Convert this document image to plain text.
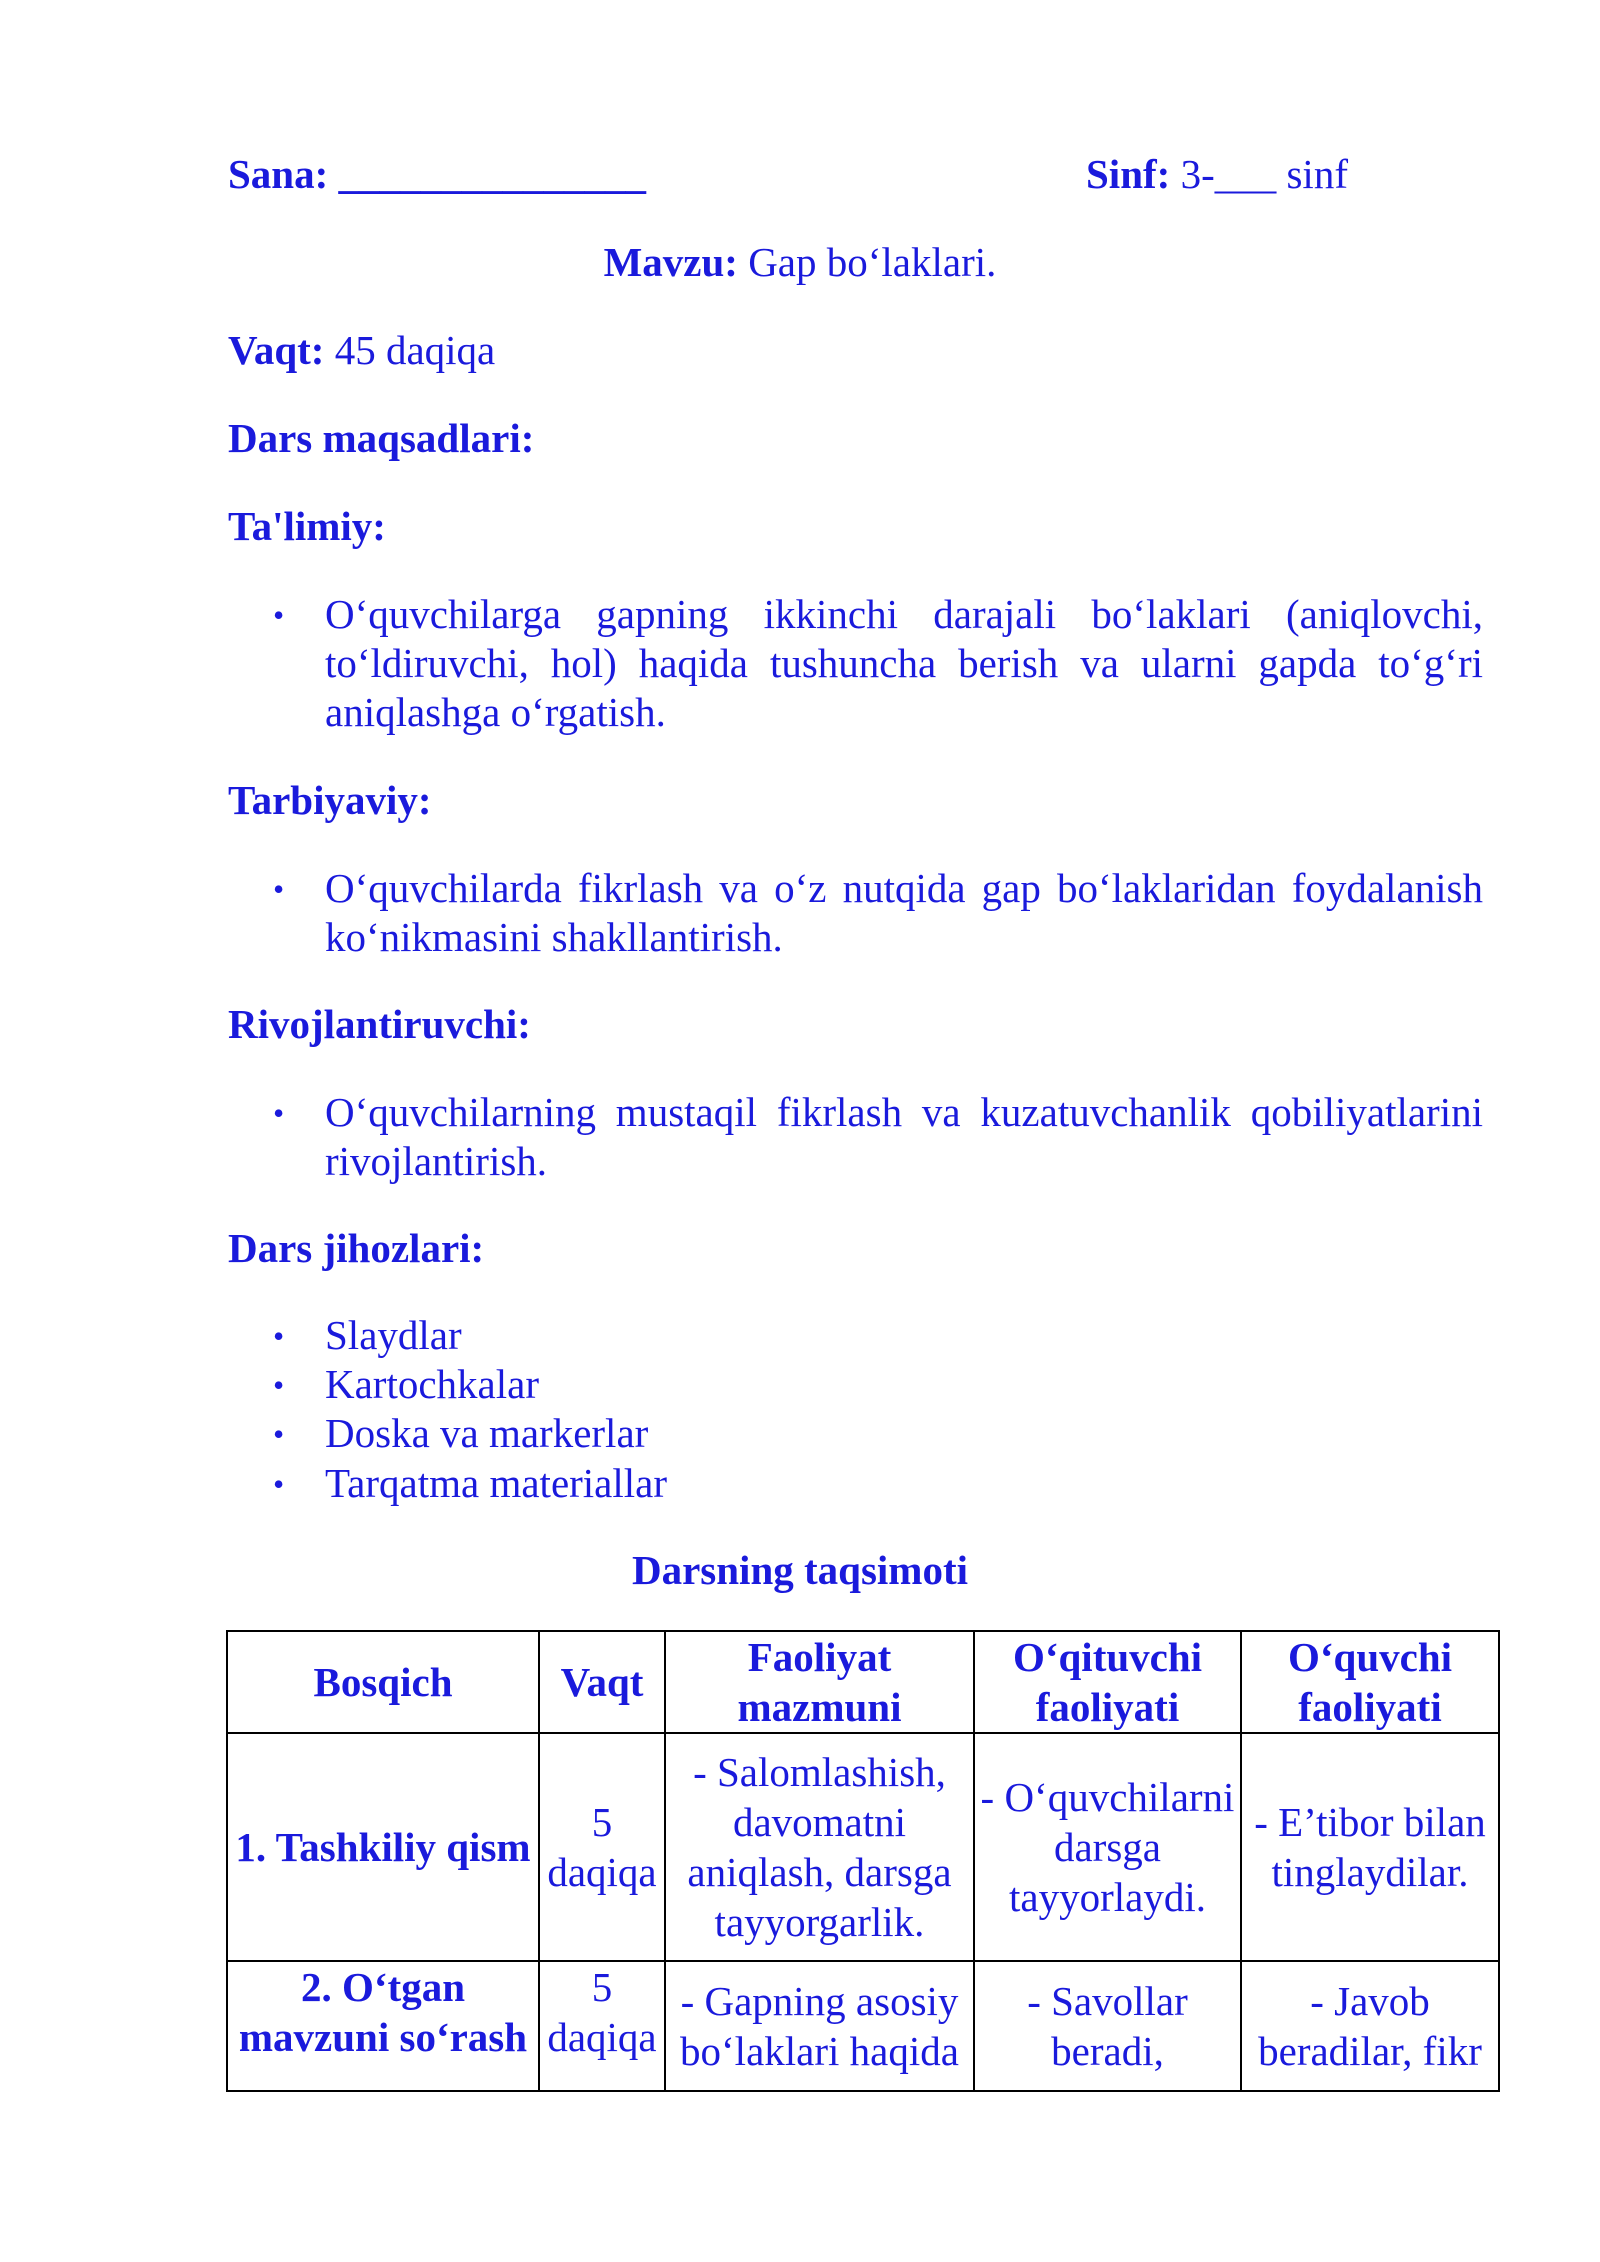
Sana: _______________	Sinf: 3-___ sinf
Mavzu: Gap bo‘laklari.
Vaqt: 45 daqiqa
Dars maqsadlari:
Ta'limiy:
• O‘quvchilarga gapning ikkinchi darajali bo‘laklari (aniqlovchi, to‘ldiruvchi, hol) haqida tushuncha berish va ularni gapda to‘g‘ri aniqlashga o‘rgatish.
Tarbiyaviy:
• O‘quvchilarda fikrlash va o‘z nutqida gap bo‘laklaridan foydalanish ko‘nikmasini shakllantirish.
Rivojlantiruvchi:
• O‘quvchilarning mustaqil fikrlash va kuzatuvchanlik qobiliyatlarini rivojlantirish.
Dars jihozlari:
• Slaydlar
• Kartochkalar
• Doska va markerlar
• Tarqatma materiallar
Darsning taqsimoti
Bosqich	Vaqt	Faoliyat mazmuni	O‘qituvchi faoliyati	O‘quvchi faoliyati
1. Tashkiliy qism	5 daqiqa	- Salomlashish, davomatni aniqlash, darsga tayyorgarlik.	- O‘quvchilarni darsga tayyorlaydi.	- E’tibor bilan tinglaydilar.
2. O‘tgan mavzuni so‘rash	5 daqiqa	- Gapning asosiy bo‘laklari haqida	- Savollar beradi,	- Javob beradilar, fikr
